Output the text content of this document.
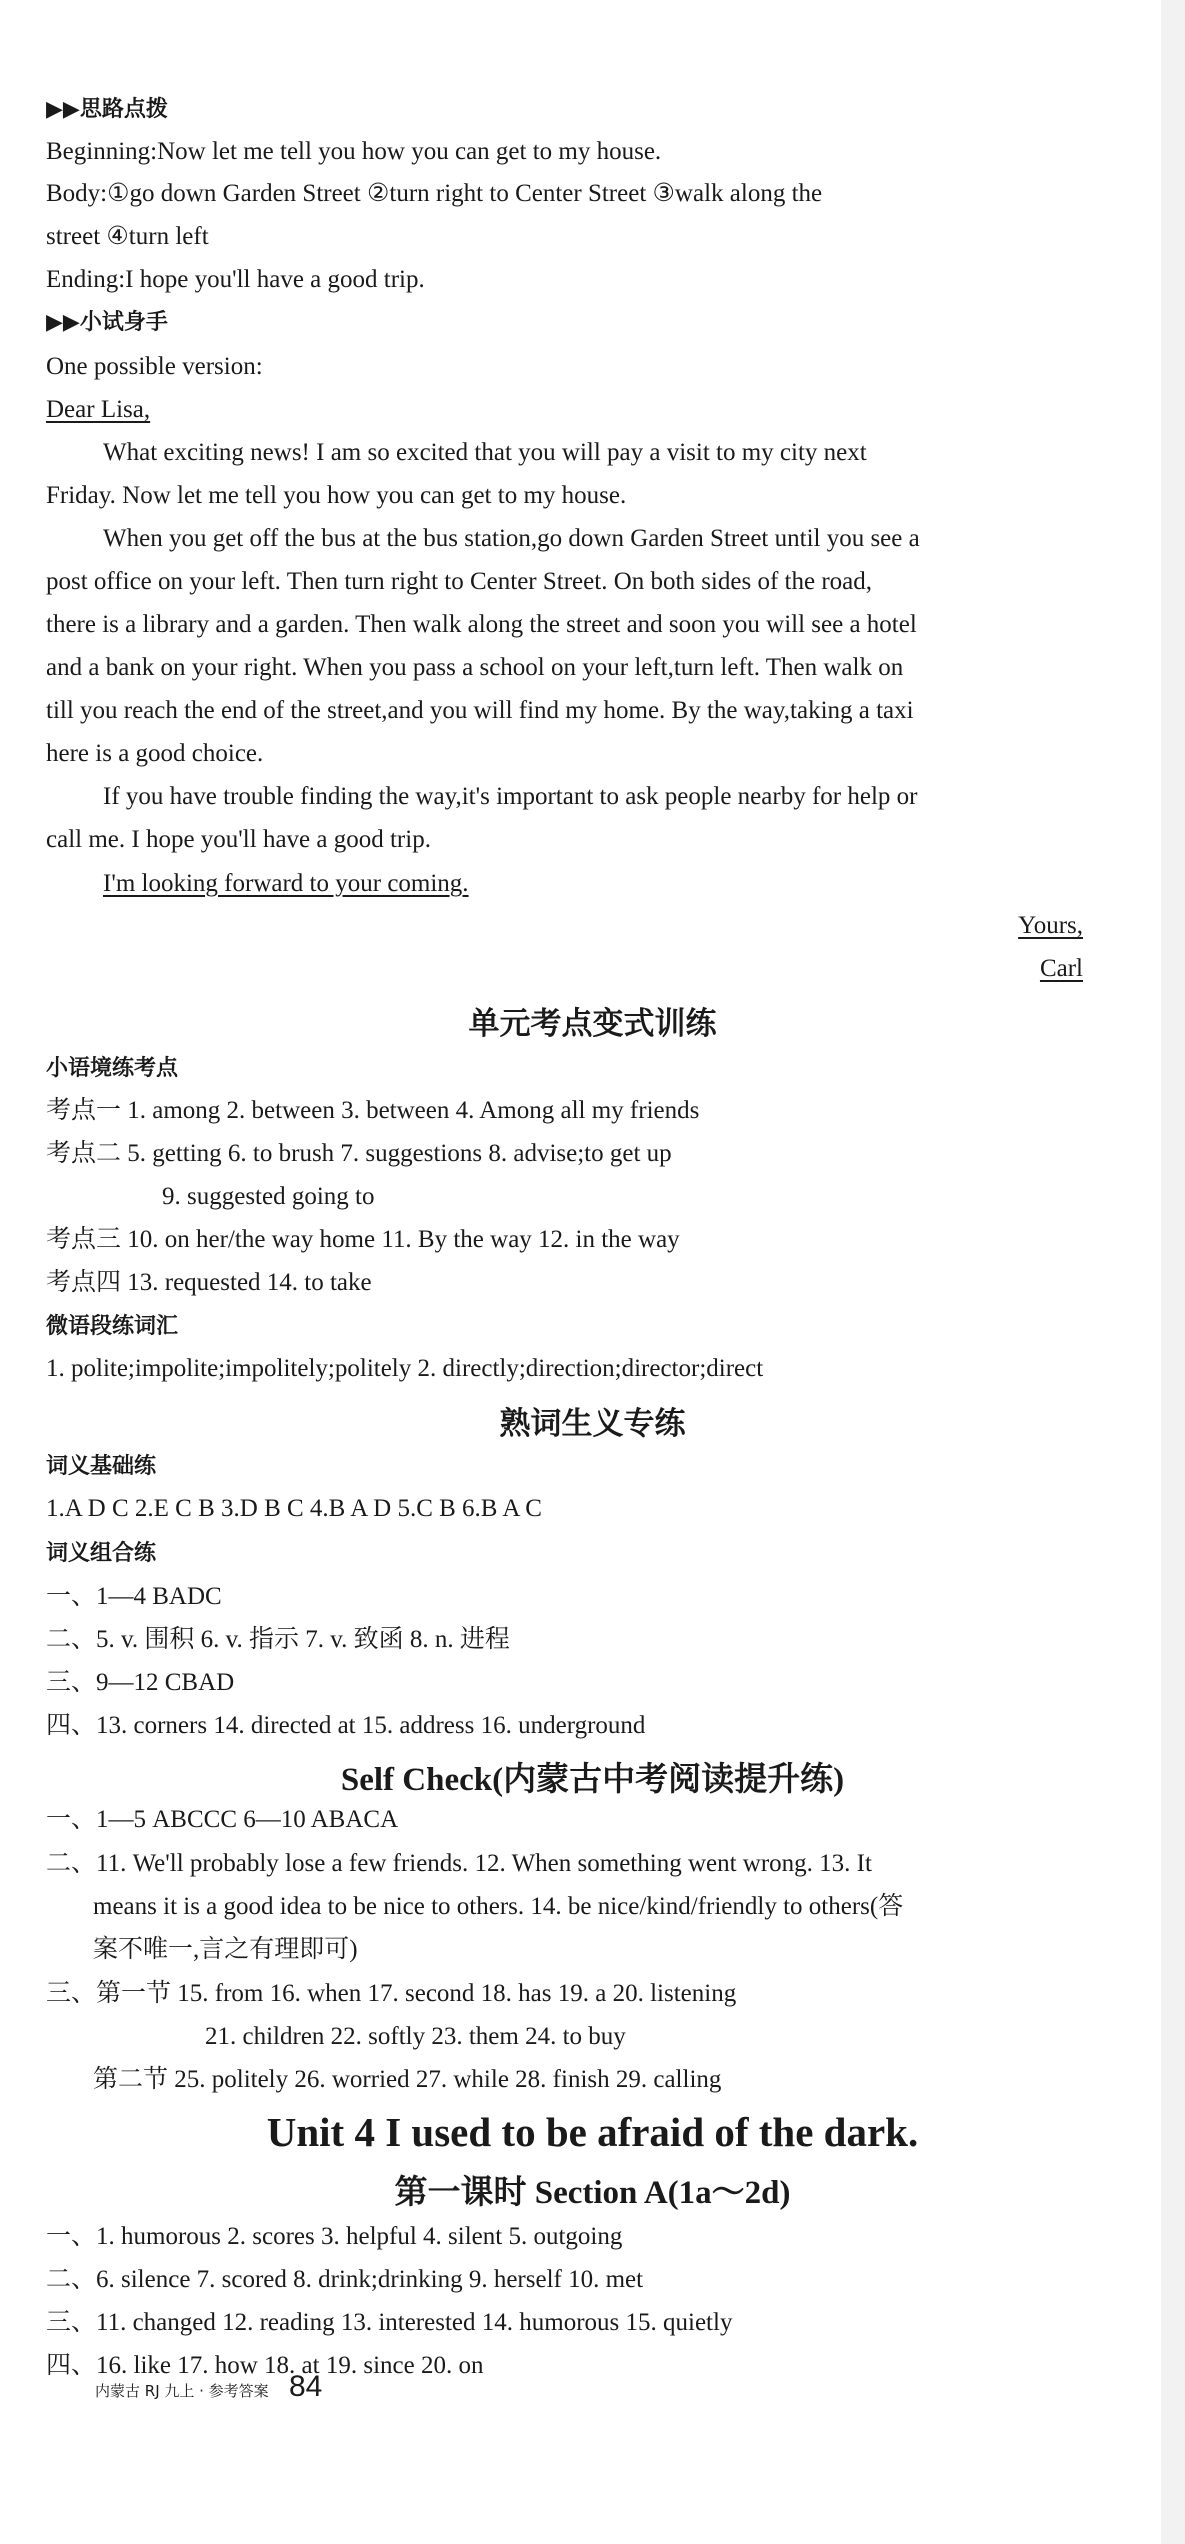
▶▶思路点拨
Beginning:Now let me tell you how you can get to my house.
Body:①go down Garden Street ②turn right to Center Street ③walk along the
street ④turn left
Ending:I hope you'll have a good trip.
▶▶小试身手
One possible version:
Dear Lisa,
What exciting news! I am so excited that you will pay a visit to my city next
Friday. Now let me tell you how you can get to my house.
When you get off the bus at the bus station,go down Garden Street until you see a
post office on your left. Then turn right to Center Street. On both sides of the road,
there is a library and a garden. Then walk along the street and soon you will see a hotel
and a bank on your right. When you pass a school on your left,turn left. Then walk on
till you reach the end of the street,and you will find my home. By the way,taking a taxi
here is a good choice.
If you have trouble finding the way,it's important to ask people nearby for help or
call me. I hope you'll have a good trip.
I'm looking forward to your coming.
Yours,
Carl
单元考点变式训练
小语境练考点
考点一 1. among 2. between 3. between 4. Among all my friends
考点二 5. getting 6. to brush 7. suggestions 8. advise;to get up
9. suggested going to
考点三 10. on her/the way home 11. By the way 12. in the way
考点四 13. requested 14. to take
微语段练词汇
1. polite;impolite;impolitely;politely 2. directly;direction;director;direct
熟词生义专练
词义基础练
1.A D C 2.E C B 3.D B C 4.B A D 5.C B 6.B A C
词义组合练
一、1—4 BADC
二、5. v. 围积 6. v. 指示 7. v. 致函 8. n. 进程
三、9—12 CBAD
四、13. corners 14. directed at 15. address 16. underground
Self Check(内蒙古中考阅读提升练)
一、1—5 ABCCC 6—10 ABACA
二、11. We'll probably lose a few friends. 12. When something went wrong. 13. It
means it is a good idea to be nice to others. 14. be nice/kind/friendly to others(答
案不唯一,言之有理即可)
三、第一节 15. from 16. when 17. second 18. has 19. a 20. listening
21. children 22. softly 23. them 24. to buy
第二节 25. politely 26. worried 27. while 28. finish 29. calling
Unit 4 I used to be afraid of the dark.
第一课时 Section A(1a～2d)
一、1. humorous 2. scores 3. helpful 4. silent 5. outgoing
二、6. silence 7. scored 8. drink;drinking 9. herself 10. met
三、11. changed 12. reading 13. interested 14. humorous 15. quietly
四、16. like 17. how 18. at 19. since 20. on
内蒙古 RJ 九上 · 参考答案 84
